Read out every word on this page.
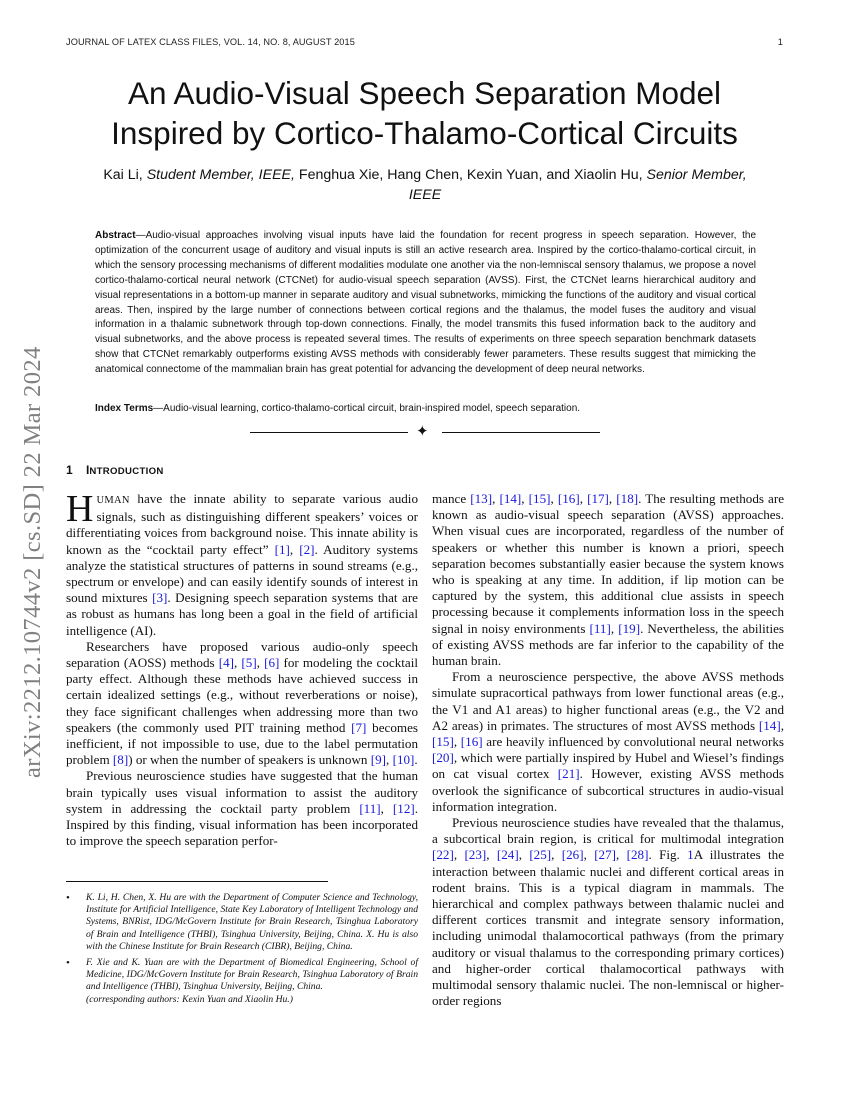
JOURNAL OF LATEX CLASS FILES, VOL. 14, NO. 8, AUGUST 2015	1
arXiv:2212.10744v2 [cs.SD] 22 Mar 2024
An Audio-Visual Speech Separation Model
Inspired by Cortico-Thalamo-Cortical Circuits
Kai Li, Student Member, IEEE, Fenghua Xie, Hang Chen, Kexin Yuan, and Xiaolin Hu, Senior Member, IEEE
Abstract—Audio-visual approaches involving visual inputs have laid the foundation for recent progress in speech separation. However, the optimization of the concurrent usage of auditory and visual inputs is still an active research area. Inspired by the cortico-thalamo-cortical circuit, in which the sensory processing mechanisms of different modalities modulate one another via the non-lemniscal sensory thalamus, we propose a novel cortico-thalamo-cortical neural network (CTCNet) for audio-visual speech separation (AVSS). First, the CTCNet learns hierarchical auditory and visual representations in a bottom-up manner in separate auditory and visual subnetworks, mimicking the functions of the auditory and visual cortical areas. Then, inspired by the large number of connections between cortical regions and the thalamus, the model fuses the auditory and visual information in a thalamic subnetwork through top-down connections. Finally, the model transmits this fused information back to the auditory and visual subnetworks, and the above process is repeated several times. The results of experiments on three speech separation benchmark datasets show that CTCNet remarkably outperforms existing AVSS methods with considerably fewer parameters. These results suggest that mimicking the anatomical connectome of the mammalian brain has great potential for advancing the development of deep neural networks.
Index Terms—Audio-visual learning, cortico-thalamo-cortical circuit, brain-inspired model, speech separation.
✦
1 INTRODUCTION

HUMAN have the innate ability to separate various audio signals, such as distinguishing different speakers’ voices or differentiating voices from background noise. This innate ability is known as the “cocktail party effect” [1], [2]. Auditory systems analyze the statistical structures of patterns in sound streams (e.g., spectrum or envelope) and can easily identify sounds of interest in sound mixtures [3]. Designing speech separation systems that are as robust as humans has long been a goal in the field of artificial intelligence (AI).

Researchers have proposed various audio-only speech separation (AOSS) methods [4], [5], [6] for modeling the cocktail party effect. Although these methods have achieved success in certain idealized settings (e.g., without reverberations or noise), they face significant challenges when addressing more than two speakers (the commonly used PIT training method [7] becomes inefficient, if not impossible to use, due to the label permutation problem [8]) or when the number of speakers is unknown [9], [10].

Previous neuroscience studies have suggested that the human brain typically uses visual information to assist the auditory system in addressing the cocktail party problem [11], [12]. Inspired by this finding, visual information has been incorporated to improve the speech separation perfor-

• K. Li, H. Chen, X. Hu are with the Department of Computer Science and Technology, Institute for Artificial Intelligence, State Key Laboratory of Intelligent Technology and Systems, BNRist, IDG/McGovern Institute for Brain Research, Tsinghua Laboratory of Brain and Intelligence (THBI), Tsinghua University, Beijing, China. X. Hu is also with the Chinese Institute for Brain Research (CIBR), Beijing, China.
• F. Xie and K. Yuan are with the Department of Biomedical Engineering, School of Medicine, IDG/McGovern Institute for Brain Research, Tsinghua Laboratory of Brain and Intelligence (THBI), Tsinghua University, Beijing, China.
(corresponding authors: Kexin Yuan and Xiaolin Hu.)

mance [13], [14], [15], [16], [17], [18]. The resulting methods are known as audio-visual speech separation (AVSS) approaches. When visual cues are incorporated, regardless of the number of speakers or whether this number is known a priori, speech separation becomes substantially easier because the system knows who is speaking at any time. In addition, if lip motion can be captured by the system, this additional clue assists in speech processing because it complements information loss in the speech signal in noisy environments [11], [19]. Nevertheless, the abilities of existing AVSS methods are far inferior to the capability of the human brain.

From a neuroscience perspective, the above AVSS methods simulate supracortical pathways from lower functional areas (e.g., the V1 and A1 areas) to higher functional areas (e.g., the V2 and A2 areas) in primates. The structures of most AVSS methods [14], [15], [16] are heavily influenced by convolutional neural networks [20], which were partially inspired by Hubel and Wiesel’s findings on cat visual cortex [21]. However, existing AVSS methods overlook the significance of subcortical structures in audio-visual information integration.

Previous neuroscience studies have revealed that the thalamus, a subcortical brain region, is critical for multimodal integration [22], [23], [24], [25], [26], [27], [28]. Fig. 1A illustrates the interaction between thalamic nuclei and different cortical areas in rodent brains. This is a typical diagram in mammals. The hierarchical and complex pathways between thalamic nuclei and different cortices transmit and integrate sensory information, including unimodal thalamocortical pathways (from the primary auditory or visual thalamus to the corresponding primary cortices) and higher-order cortical thalamocortical pathways with multimodal sensory thalamic nuclei. The non-lemniscal or higher-order regions
